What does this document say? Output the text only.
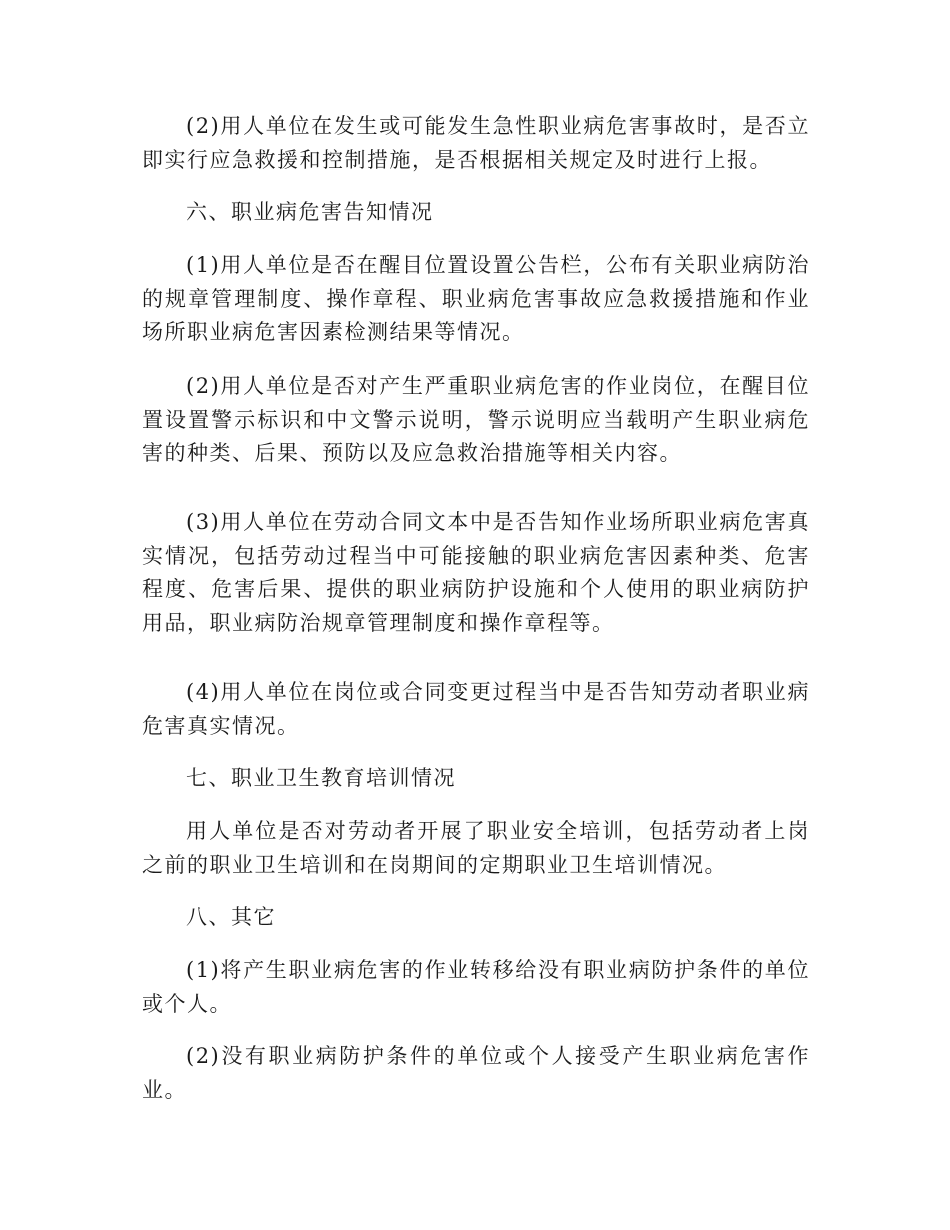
(2)用人单位在发生或可能发生急性职业病危害事故时，是否立即实行应急救援和控制措施，是否根据相关规定及时进行上报。

六、职业病危害告知情况

(1)用人单位是否在醒目位置设置公告栏，公布有关职业病防治的规章管理制度、操作章程、职业病危害事故应急救援措施和作业场所职业病危害因素检测结果等情况。

(2)用人单位是否对产生严重职业病危害的作业岗位，在醒目位置设置警示标识和中文警示说明，警示说明应当载明产生职业病危害的种类、后果、预防以及应急救治措施等相关内容。

(3)用人单位在劳动合同文本中是否告知作业场所职业病危害真实情况，包括劳动过程当中可能接触的职业病危害因素种类、危害程度、危害后果、提供的职业病防护设施和个人使用的职业病防护用品，职业病防治规章管理制度和操作章程等。

(4)用人单位在岗位或合同变更过程当中是否告知劳动者职业病危害真实情况。

七、职业卫生教育培训情况

用人单位是否对劳动者开展了职业安全培训，包括劳动者上岗之前的职业卫生培训和在岗期间的定期职业卫生培训情况。

八、其它

(1)将产生职业病危害的作业转移给没有职业病防护条件的单位或个人。

(2)没有职业病防护条件的单位或个人接受产生职业病危害作业。
